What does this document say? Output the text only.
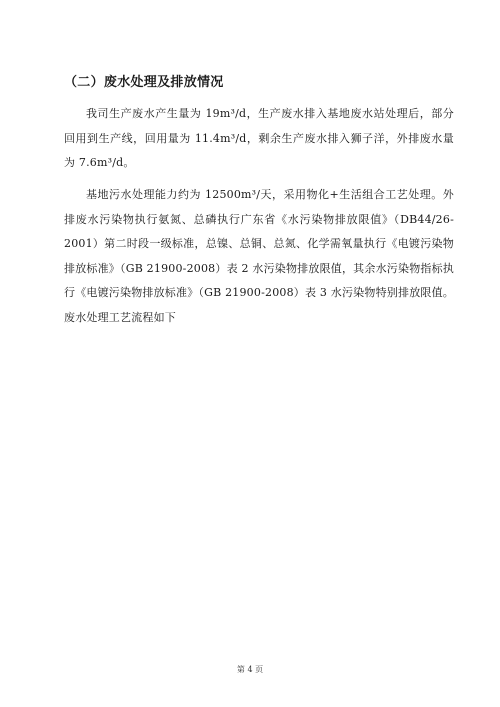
（二）废水处理及排放情况

我司生产废水产生量为 19m³/d，生产废水排入基地废水站处理后，部分回用到生产线，回用量为 11.4m³/d，剩余生产废水排入狮子洋，外排废水量为 7.6m³/d。

基地污水处理能力约为 12500m³/天，采用物化+生活组合工艺处理。外排废水污染物执行氨氮、总磷执行广东省《水污染物排放限值》（DB44/26-2001）第二时段一级标准，总镍、总铜、总氮、化学需氧量执行《电镀污染物排放标准》（GB 21900-2008）表 2 水污染物排放限值，其余水污染物指标执行《电镀污染物排放标准》（GB 21900-2008）表 3 水污染物特别排放限值。废水处理工艺流程如下

第 4 页
